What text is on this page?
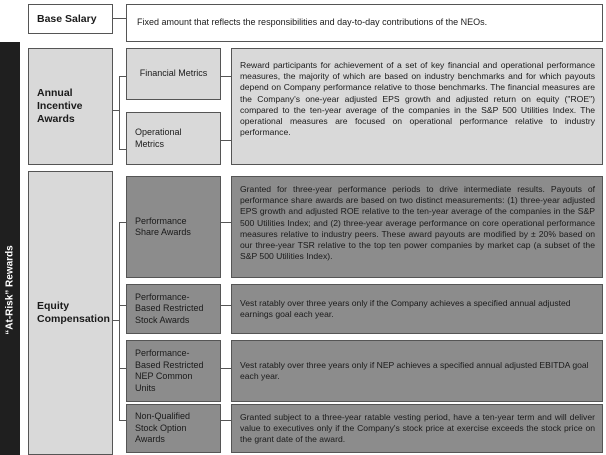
“At-Risk” Rewards
Base Salary	Fixed amount that reflects the responsibilities and day-to-day contributions of the NEOs.
Annual
Incentive
Awards
Financial Metrics
Operational
Metrics
Reward participants for achievement of a set of key financial and operational performance measures, the majority of which are based on industry benchmarks and for which payouts depend on Company performance relative to those benchmarks. The financial measures are the Company's one-year adjusted EPS growth and adjusted return on equity ("ROE") compared to the ten-year average of the companies in the S&P 500 Utilities Index. The operational measures are focused on operational performance relative to industry performance.
Equity
Compensation
Performance
Share Awards
Granted for three-year performance periods to drive intermediate results. Payouts of performance share awards are based on two distinct measurements: (1) three-year adjusted EPS growth and adjusted ROE relative to the ten-year average of the companies in the S&P 500 Utilities Index; and (2) three-year average performance on core operational performance measures relative to industry peers. These award payouts are modified by ± 20% based on our three-year TSR relative to the top ten power companies by market cap (a subset of the S&P 500 Utilities Index).
Performance-
Based Restricted
Stock Awards
Vest ratably over three years only if the Company achieves a specified annual adjusted earnings goal each year.
Performance-
Based Restricted
NEP Common
Units
Vest ratably over three years only if NEP achieves a specified annual adjusted EBITDA goal each year.
Non-Qualified
Stock Option
Awards
Granted subject to a three-year ratable vesting period, have a ten-year term and will deliver value to executives only if the Company's stock price at exercise exceeds the stock price on the grant date of the award.
